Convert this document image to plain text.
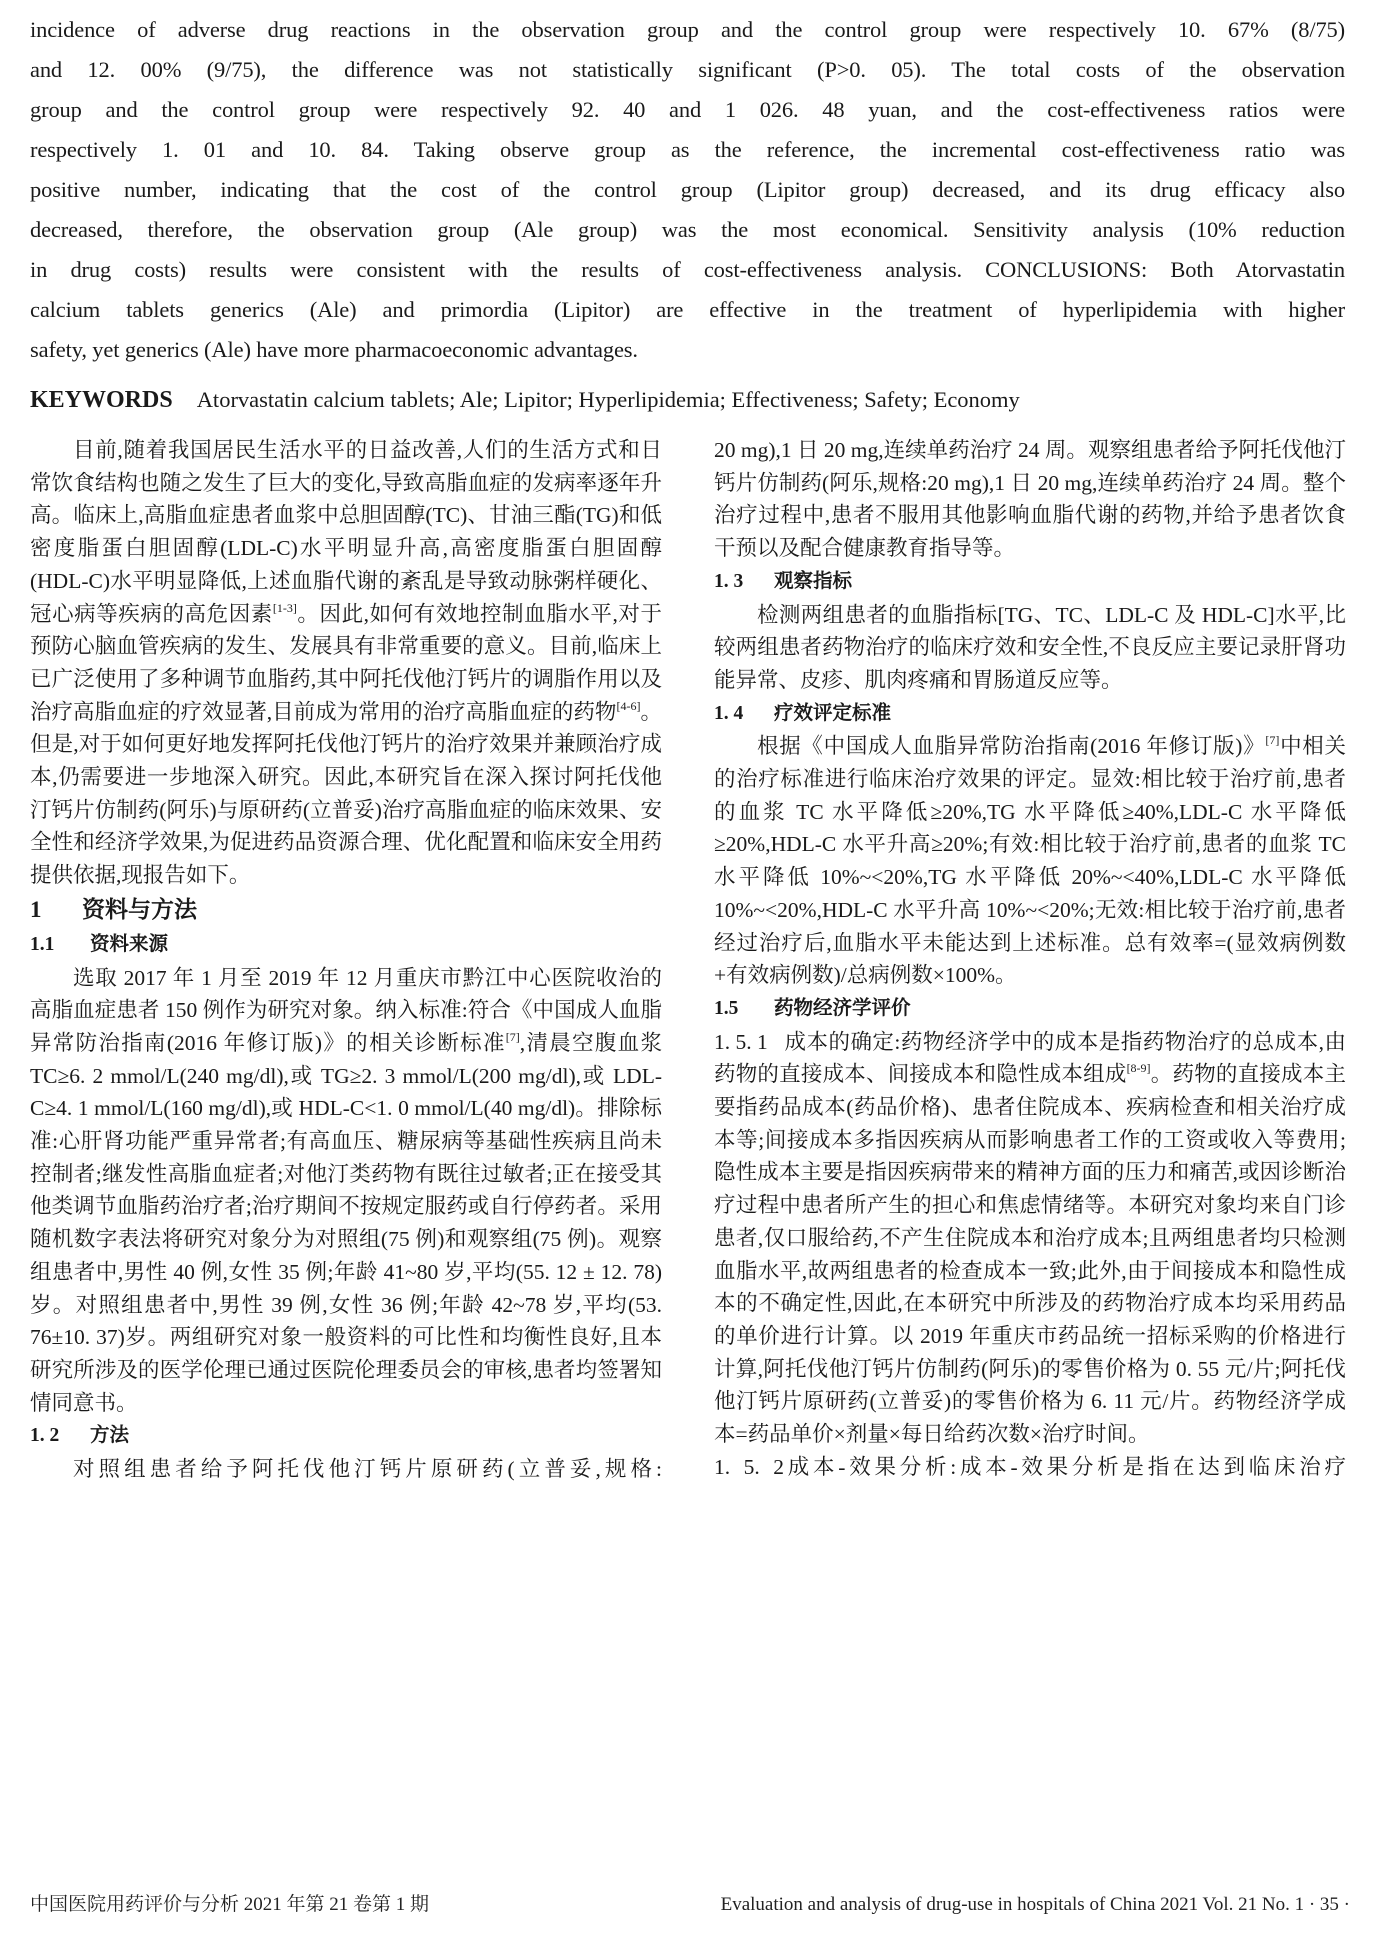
incidence of adverse drug reactions in the observation group and the control group were respectively 10. 67% (8/75)

and 12. 00% (9/75), the difference was not statistically significant (P>0. 05). The total costs of the observation

group and the control group were respectively 92. 40 and 1 026. 48 yuan, and the cost-effectiveness ratios were

respectively 1. 01 and 10. 84. Taking observe group as the reference, the incremental cost-effectiveness ratio was

positive number, indicating that the cost of the control group (Lipitor group) decreased, and its drug efficacy also

decreased, therefore, the observation group (Ale group) was the most economical. Sensitivity analysis (10% reduction

in drug costs) results were consistent with the results of cost-effectiveness analysis. CONCLUSIONS: Both Atorvastatin

calcium tablets generics (Ale) and primordia (Lipitor) are effective in the treatment of hyperlipidemia with higher

safety, yet generics (Ale) have more pharmacoeconomic advantages.

KEYWORDS Atorvastatin calcium tablets; Ale; Lipitor; Hyperlipidemia; Effectiveness; Safety; Economy

目前,随着我国居民生活水平的日益改善,人们的生活方式和日常饮食结构也随之发生了巨大的变化,导致高脂血症的发病率逐年升高。临床上,高脂血症患者血浆中总胆固醇(TC)、甘油三酯(TG)和低密度脂蛋白胆固醇(LDL-C)水平明显升高,高密度脂蛋白胆固醇(HDL-C)水平明显降低,上述血脂代谢的紊乱是导致动脉粥样硬化、冠心病等疾病的高危因素[1-3]。因此,如何有效地控制血脂水平,对于预防心脑血管疾病的发生、发展具有非常重要的意义。目前,临床上已广泛使用了多种调节血脂药,其中阿托伐他汀钙片的调脂作用以及治疗高脂血症的疗效显著,目前成为常用的治疗高脂血症的药物[4-6]。但是,对于如何更好地发挥阿托伐他汀钙片的治疗效果并兼顾治疗成本,仍需要进一步地深入研究。因此,本研究旨在深入探讨阿托伐他汀钙片仿制药(阿乐)与原研药(立普妥)治疗高脂血症的临床效果、安全性和经济学效果,为促进药品资源合理、优化配置和临床安全用药提供依据,现报告如下。

1 资料与方法
1.1 资料来源

选取 2017 年 1 月至 2019 年 12 月重庆市黔江中心医院收治的高脂血症患者 150 例作为研究对象。纳入标准:符合《中国成人血脂异常防治指南(2016 年修订版)》的相关诊断标准[7],清晨空腹血浆 TC≥6. 2 mmol/L(240 mg/dl),或 TG≥2. 3 mmol/L(200 mg/dl),或 LDL-C≥4. 1 mmol/L(160 mg/dl),或 HDL-C<1. 0 mmol/L(40 mg/dl)。排除标准:心肝肾功能严重异常者;有高血压、糖尿病等基础性疾病且尚未控制者;继发性高脂血症者;对他汀类药物有既往过敏者;正在接受其他类调节血脂药治疗者;治疗期间不按规定服药或自行停药者。采用随机数字表法将研究对象分为对照组(75 例)和观察组(75 例)。观察组患者中,男性 40 例,女性 35 例;年龄 41~80 岁,平均(55. 12 ± 12. 78)岁。对照组患者中,男性 39 例,女性 36 例;年龄 42~78 岁,平均(53. 76±10. 37)岁。两组研究对象一般资料的可比性和均衡性良好,且本研究所涉及的医学伦理已通过医院伦理委员会的审核,患者均签署知情同意书。

1. 2 方法

对照组患者给予阿托伐他汀钙片原研药(立普妥,规格:

20 mg),1 日 20 mg,连续单药治疗 24 周。观察组患者给予阿托伐他汀钙片仿制药(阿乐,规格:20 mg),1 日 20 mg,连续单药治疗 24 周。整个治疗过程中,患者不服用其他影响血脂代谢的药物,并给予患者饮食干预以及配合健康教育指导等。

1. 3 观察指标

检测两组患者的血脂指标[TG、TC、LDL-C 及 HDL-C]水平,比较两组患者药物治疗的临床疗效和安全性,不良反应主要记录肝肾功能异常、皮疹、肌肉疼痛和胃肠道反应等。

1. 4 疗效评定标准

根据《中国成人血脂异常防治指南(2016 年修订版)》[7]中相关的治疗标准进行临床治疗效果的评定。显效:相比较于治疗前,患者的血浆 TC 水平降低≥20%,TG 水平降低≥40%,LDL-C 水平降低≥20%,HDL-C 水平升高≥20%;有效:相比较于治疗前,患者的血浆 TC 水平降低 10%~<20%,TG 水平降低 20%~<40%,LDL-C 水平降低 10%~<20%,HDL-C 水平升高 10%~<20%;无效:相比较于治疗前,患者经过治疗后,血脂水平未能达到上述标准。总有效率=(显效病例数+有效病例数)/总病例数×100%。

1.5 药物经济学评价

1. 5. 1 成本的确定:药物经济学中的成本是指药物治疗的总成本,由药物的直接成本、间接成本和隐性成本组成[8-9]。药物的直接成本主要指药品成本(药品价格)、患者住院成本、疾病检查和相关治疗成本等;间接成本多指因疾病从而影响患者工作的工资或收入等费用;隐性成本主要是指因疾病带来的精神方面的压力和痛苦,或因诊断治疗过程中患者所产生的担心和焦虑情绪等。本研究对象均来自门诊患者,仅口服给药,不产生住院成本和治疗成本;且两组患者均只检测血脂水平,故两组患者的检查成本一致;此外,由于间接成本和隐性成本的不确定性,因此,在本研究中所涉及的药物治疗成本均采用药品的单价进行计算。以 2019 年重庆市药品统一招标采购的价格进行计算,阿托伐他汀钙片仿制药(阿乐)的零售价格为 0. 55 元/片;阿托伐他汀钙片原研药(立普妥)的零售价格为 6. 11 元/片。药物经济学成本=药品单价×剂量×每日给药次数×治疗时间。

1. 5. 2成本-效果分析:成本-效果分析是指在达到临床治疗

中国医院用药评价与分析 2021 年第 21 卷第 1 期	Evaluation and analysis of drug-use in hospitals of China 2021 Vol. 21 No. 1 · 35 ·
